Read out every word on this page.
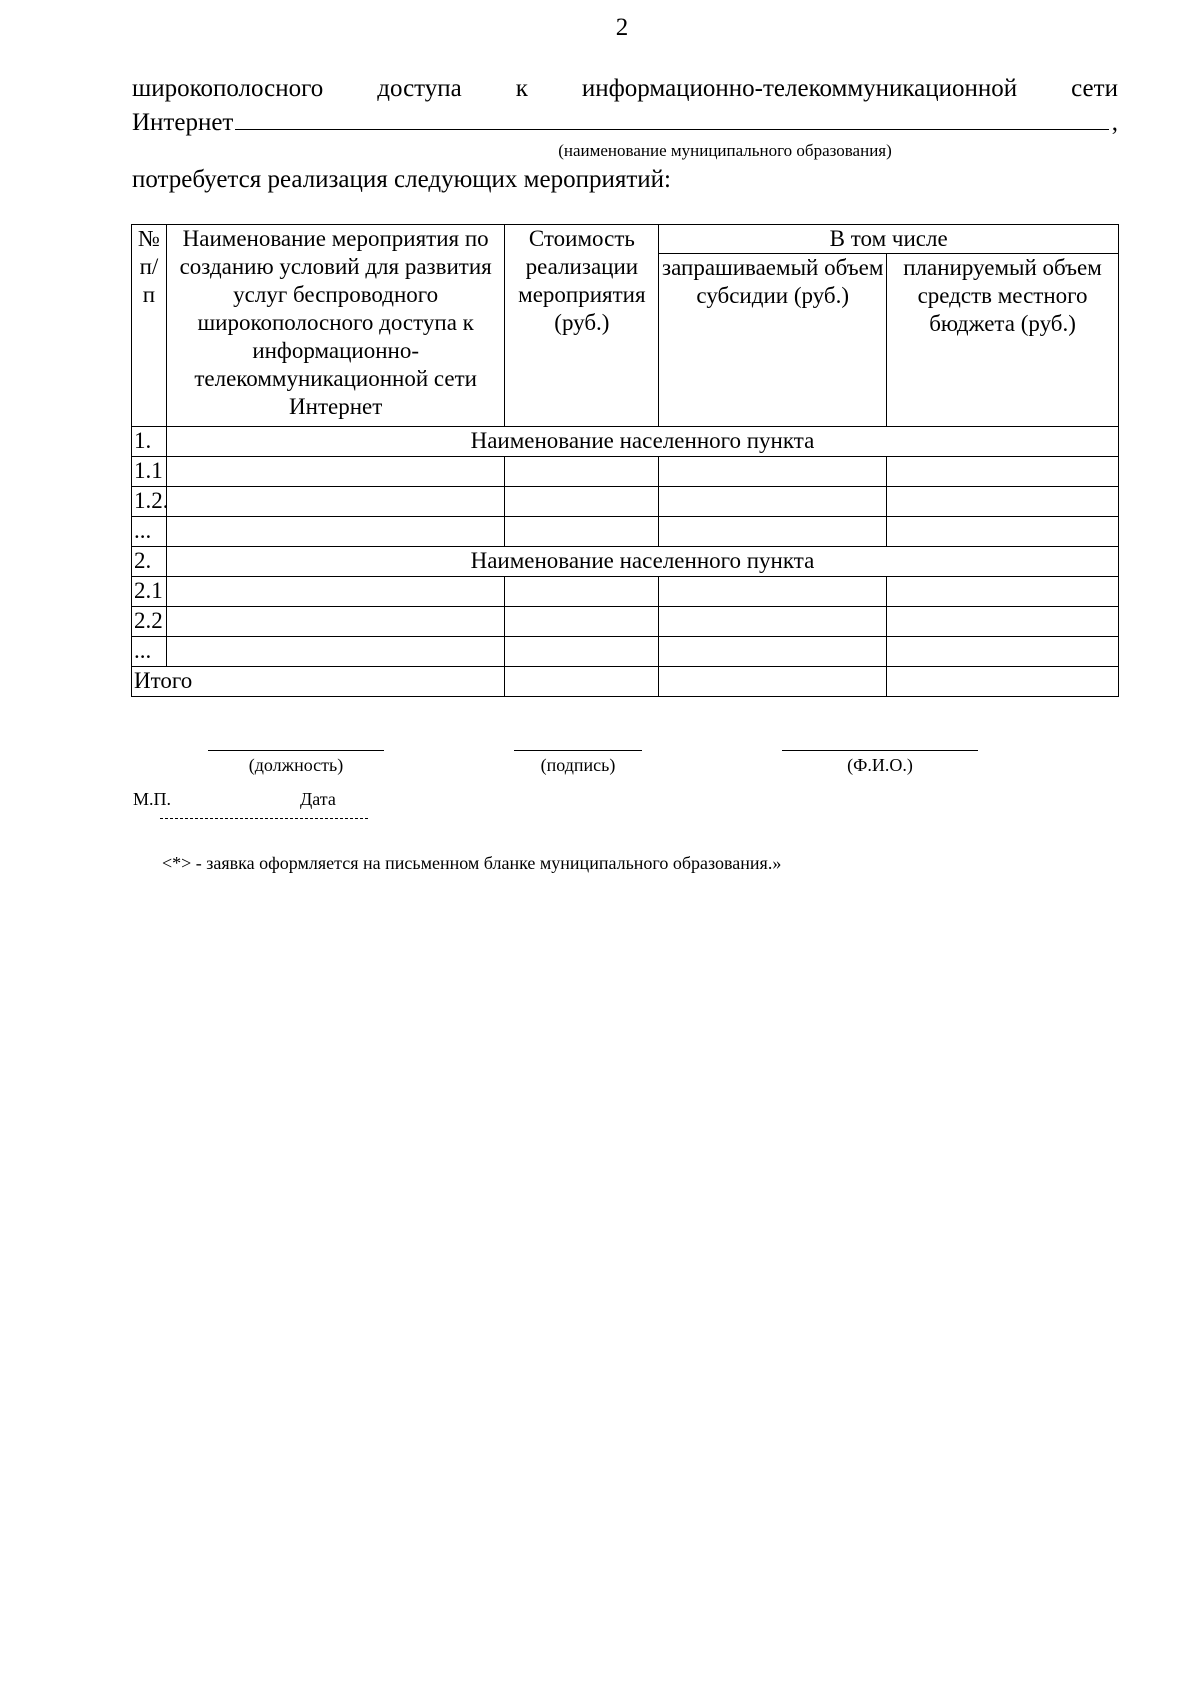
2
широкополосного доступа к информационно-телекоммуникационной сети
Интернет	,
(наименование муниципального образования)
потребуется реализация следующих мероприятий:
№ п/п	Наименование мероприятия по созданию условий для развития услуг беспроводного широкополосного доступа к информационно-телекоммуникационной сети Интернет	Стоимость реализации мероприятия (руб.)	В том числе	
			запрашиваемый объем субсидии (руб.)	планируемый объем средств местного бюджета (руб.)
1.	Наименование населенного пункта			
1.1				
1.2.				
...				
2.	Наименование населенного пункта			
2.1				
2.2				
...				
Итого				
(должность)	(подпись)	(Ф.И.О.)
М.П.	Дата
<*> - заявка оформляется на письменном бланке муниципального образования.»
